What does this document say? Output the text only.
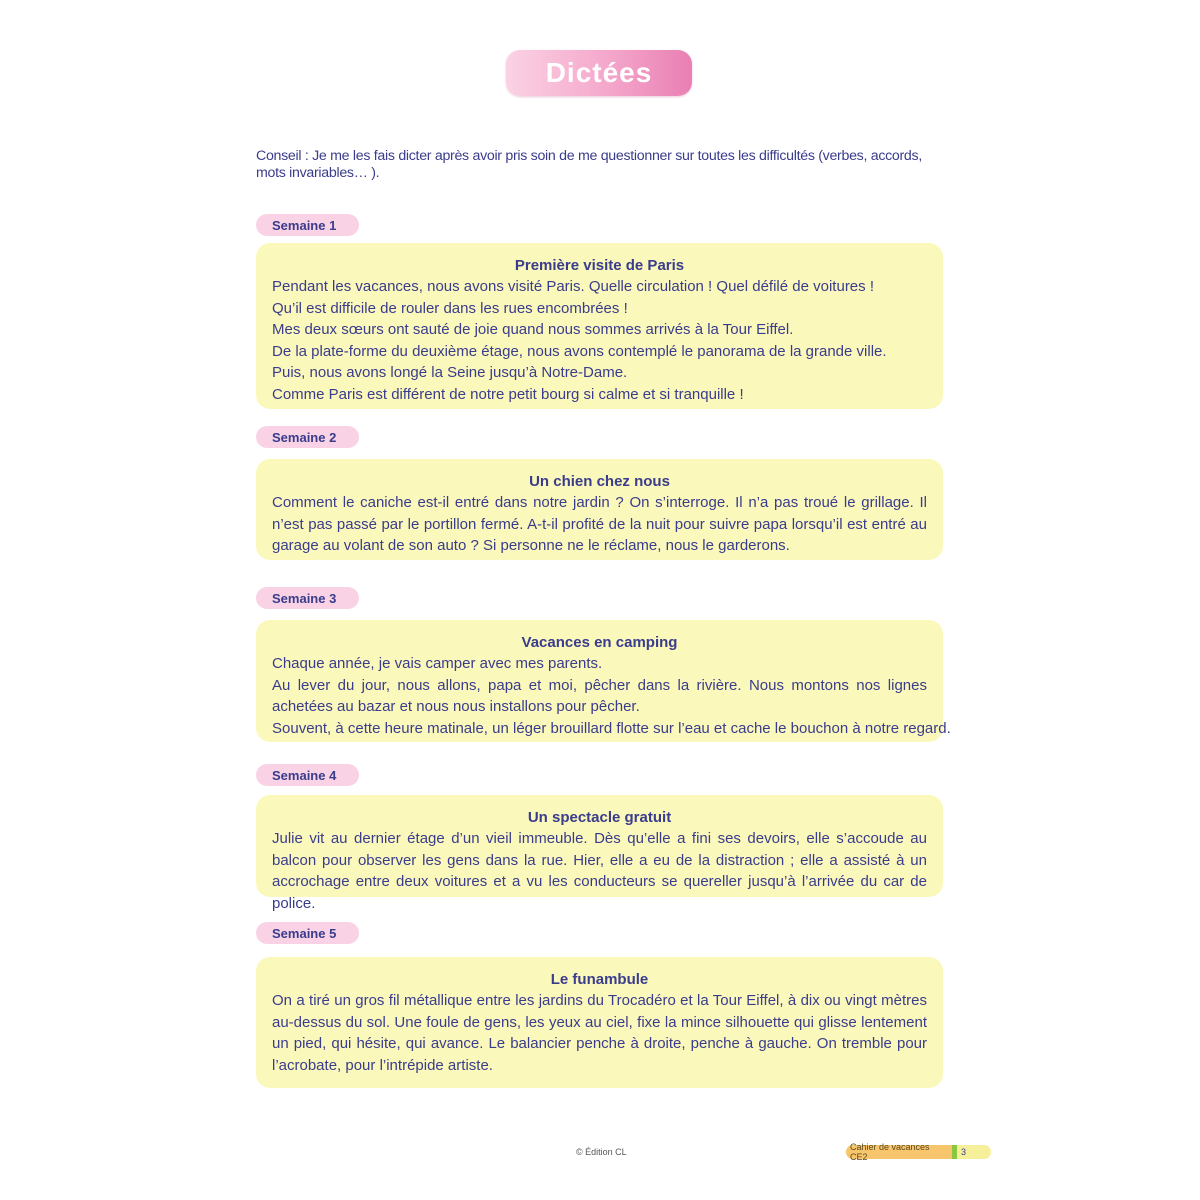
Dictées
Conseil : Je me les fais dicter après avoir pris soin de me questionner sur toutes les difficultés (verbes, accords, mots invariables… ).
Semaine 1
Première visite de Paris
Pendant les vacances, nous avons visité Paris. Quelle circulation ! Quel défilé de voitures !
Qu’il est difficile de rouler dans les rues encombrées !
Mes deux sœurs ont sauté de joie quand nous sommes arrivés à la Tour Eiffel.
De la plate-forme du deuxième étage, nous avons contemplé le panorama de la grande ville.
Puis, nous avons longé la Seine jusqu’à Notre-Dame.
Comme Paris est différent de notre petit bourg si calme et si tranquille !
Semaine 2
Un chien chez nous
Comment le caniche est-il entré dans notre jardin ? On s’interroge. Il n’a pas troué le grillage. Il n’est pas passé par le portillon fermé. A-t-il profité de la nuit pour suivre papa lorsqu’il est entré au garage au volant de son auto ? Si personne ne le réclame, nous le garderons.
Semaine 3
Vacances en camping
Chaque année, je vais camper avec mes parents.
Au lever du jour, nous allons, papa et moi, pêcher dans la rivière. Nous montons nos lignes achetées au bazar et nous nous installons pour pêcher.
Souvent, à cette heure matinale, un léger brouillard flotte sur l’eau et cache le bouchon à notre regard.
Semaine 4
Un spectacle gratuit
Julie vit au dernier étage d’un vieil immeuble. Dès qu’elle a fini ses devoirs, elle s’accoude au balcon pour observer les gens dans la rue. Hier, elle a eu de la distraction ; elle a assisté à un accrochage entre deux voitures et a vu les conducteurs se quereller jusqu’à l’arrivée du car de police.
Semaine 5
Le funambule
On a tiré un gros fil métallique entre les jardins du Trocadéro et la Tour Eiffel, à dix ou vingt mètres au-dessus du sol. Une foule de gens, les yeux au ciel, fixe la mince silhouette qui glisse lentement un pied, qui hésite, qui avance. Le balancier penche à droite, penche à gauche. On tremble pour l’acrobate, pour l’intrépide artiste.
© Édition CL	Cahier de vacances CE2	3
